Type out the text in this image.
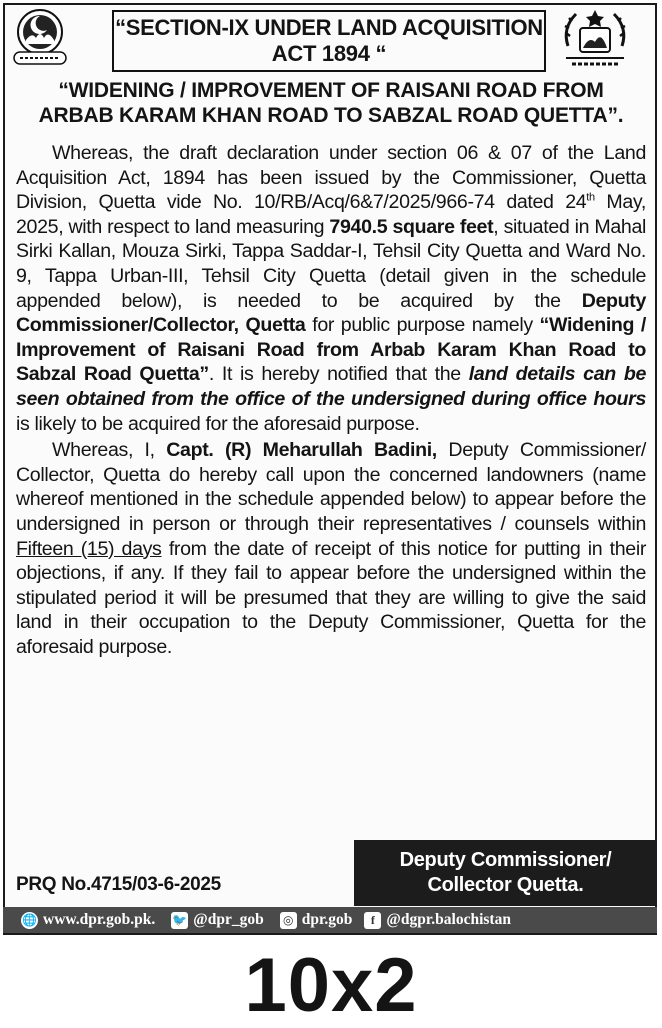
“SECTION-IX UNDER LAND ACQUISITION
ACT 1894 “
“WIDENING / IMPROVEMENT OF RAISANI ROAD FROM
ARBAB KARAM KHAN ROAD TO SABZAL ROAD QUETTA”.

Whereas, the draft declaration under section 06 & 07 of the Land Acquisition Act, 1894 has been issued by the Commissioner, Quetta Division, Quetta vide No. 10/RB/Acq/6&7/2025/966-74 dated 24th May, 2025, with respect to land measuring 7940.5 square feet, situated in Mahal Sirki Kallan, Mouza Sirki, Tappa Saddar-I, Tehsil City Quetta and Ward No. 9, Tappa Urban-III, Tehsil City Quetta (detail given in the schedule appended below), is needed to be acquired by the Deputy Commissioner/Collector, Quetta for public purpose namely “Widening / Improvement of Raisani Road from Arbab Karam Khan Road to Sabzal Road Quetta”. It is hereby notified that the land details can be seen obtained from the office of the undersigned during office hours is likely to be acquired for the aforesaid purpose.

Whereas, I, Capt. (R) Meharullah Badini, Deputy Commissioner/ Collector, Quetta do hereby call upon the concerned landowners (name whereof mentioned in the schedule appended below) to appear before the undersigned in person or through their representatives / counsels within Fifteen (15) days from the date of receipt of this notice for putting in their objections, if any. If they fail to appear before the undersigned within the stipulated period it will be presumed that they are willing to give the said land in their occupation to the Deputy Commissioner, Quetta for the aforesaid purpose.

PRQ No.4715/03-6-2025
Deputy Commissioner/
Collector Quetta.
🌐 www.dpr.gob.pk. 🐦 @dpr_gob ◎ dpr.gob	f @dgpr.balochistan
10x2
